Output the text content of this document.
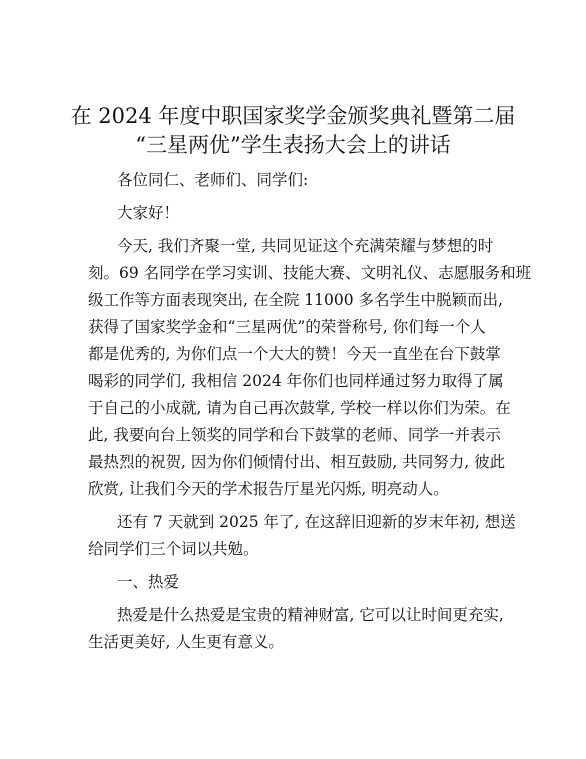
在 2024 年度中职国家奖学金颁奖典礼暨第二届
“三星两优”学生表扬大会上的讲话

各位同仁、老师们、同学们:

大家好！

今天, 我们齐聚一堂, 共同见证这个充满荣耀与梦想的时

刻。69 名同学在学习实训、技能大赛、文明礼仪、志愿服务和班

级工作等方面表现突出, 在全院 11000 多名学生中脱颖而出,

获得了国家奖学金和“三星两优”的荣誉称号, 你们每一个人

都是优秀的, 为你们点一个大大的赞！今天一直坐在台下鼓掌

喝彩的同学们, 我相信 2024 年你们也同样通过努力取得了属

于自己的小成就, 请为自己再次鼓掌, 学校一样以你们为荣。在

此, 我要向台上领奖的同学和台下鼓掌的老师、同学一并表示

最热烈的祝贺, 因为你们倾情付出、相互鼓励, 共同努力, 彼此

欣赏, 让我们今天的学术报告厅星光闪烁, 明亮动人。

还有 7 天就到 2025 年了, 在这辞旧迎新的岁末年初, 想送

给同学们三个词以共勉。

一、热爱

热爱是什么热爱是宝贵的精神财富, 它可以让时间更充实,

生活更美好, 人生更有意义。
